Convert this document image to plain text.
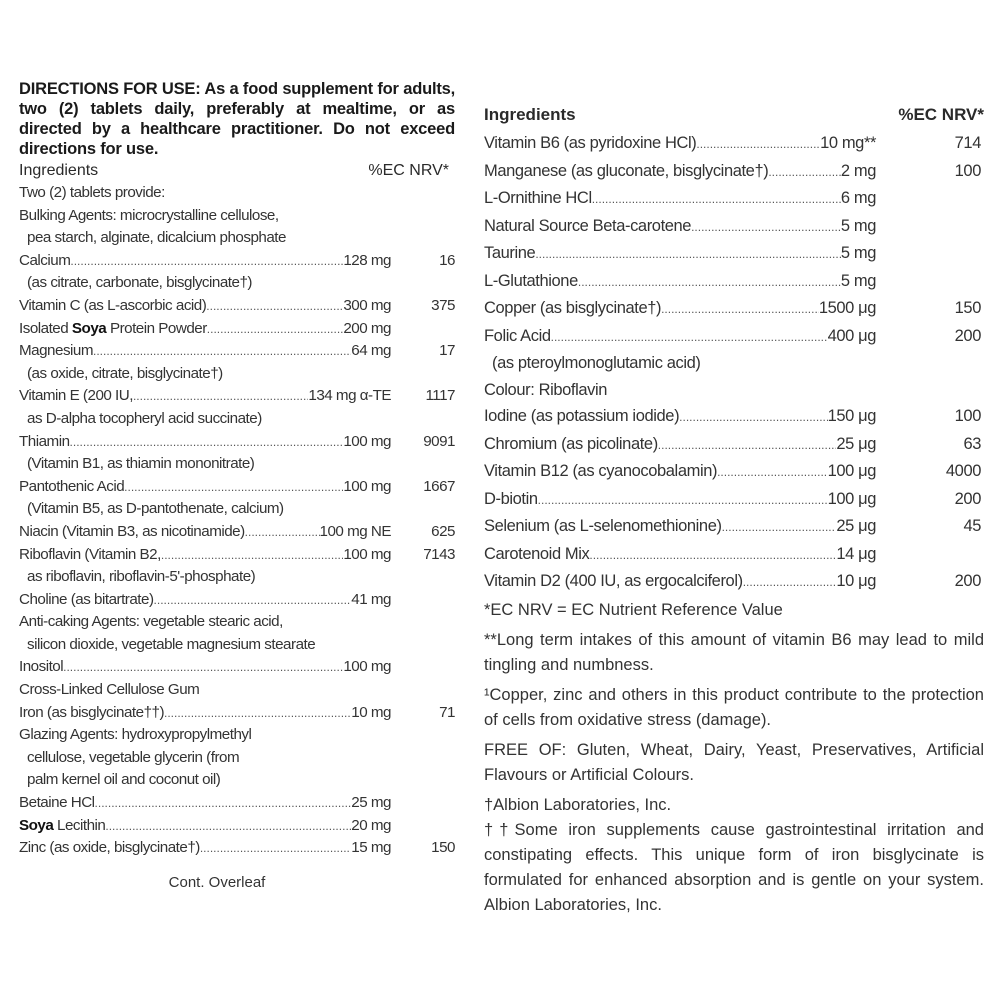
DIRECTIONS FOR USE: As a food supplement for adults, two (2) tablets daily, preferably at mealtime, or as directed by a healthcare practitioner. Do not exceed directions for use.
Ingredients	%EC NRV*
Two (2) tablets provide:
Bulking Agents: microcrystalline cellulose,
pea starch, alginate, dicalcium phosphate
Calcium .....	128 mg	16
(as citrate, carbonate, bisglycinate†)
Vitamin C (as L-ascorbic acid) .....	300 mg	375
Isolated Soya Protein Powder .....	200 mg
Magnesium .....	64 mg	17
(as oxide, citrate, bisglycinate†)
Vitamin E (200 IU, .....	134 mg α-TE	1117
as D-alpha tocopheryl acid succinate)
Thiamin .....	100 mg	9091
(Vitamin B1, as thiamin mononitrate)
Pantothenic Acid .....	100 mg	1667
(Vitamin B5, as D-pantothenate, calcium)
Niacin (Vitamin B3, as nicotinamide) .....	100 mg NE	625
Riboflavin (Vitamin B2, .....	100 mg	7143
as riboflavin, riboflavin-5'-phosphate)
Choline (as bitartrate) .....	41 mg
Anti-caking Agents: vegetable stearic acid,
silicon dioxide, vegetable magnesium stearate
Inositol .....	100 mg
Cross-Linked Cellulose Gum
Iron (as bisglycinate††) .....	10 mg	71
Glazing Agents: hydroxypropylmethyl
cellulose, vegetable glycerin (from
palm kernel oil and coconut oil)
Betaine HCl .....	25 mg
Soya Lecithin .....	20 mg
Zinc (as oxide, bisglycinate†) .....	15 mg	150
Cont. Overleaf
Ingredients	%EC NRV*
Vitamin B6 (as pyridoxine HCl) .....	10 mg**	714
Manganese (as gluconate, bisglycinate†) .....	2 mg	100
L-Ornithine HCl .....	6 mg
Natural Source Beta-carotene .....	5 mg
Taurine .....	5 mg
L-Glutathione .....	5 mg
Copper (as bisglycinate†) .....	1500 μg	150
Folic Acid .....	400 μg	200
(as pteroylmonoglutamic acid)
Colour: Riboflavin
Iodine (as potassium iodide) .....	150 μg	100
Chromium (as picolinate) .....	25 μg	63
Vitamin B12 (as cyanocobalamin) .....	100 μg	4000
D-biotin .....	100 μg	200
Selenium (as L-selenomethionine) .....	25 μg	45
Carotenoid Mix .....	14 μg
Vitamin D2 (400 IU, as ergocalciferol) .....	10 μg	200
*EC NRV = EC Nutrient Reference Value
**Long term intakes of this amount of vitamin B6 may lead to mild tingling and numbness.
¹Copper, zinc and others in this product contribute to the protection of cells from oxidative stress (damage).
FREE OF: Gluten, Wheat, Dairy, Yeast, Preservatives, Artificial Flavours or Artificial Colours.
†Albion Laboratories, Inc.
††Some iron supplements cause gastrointestinal irritation and constipating effects. This unique form of iron bisglycinate is formulated for enhanced absorption and is gentle on your system. Albion Laboratories, Inc.
